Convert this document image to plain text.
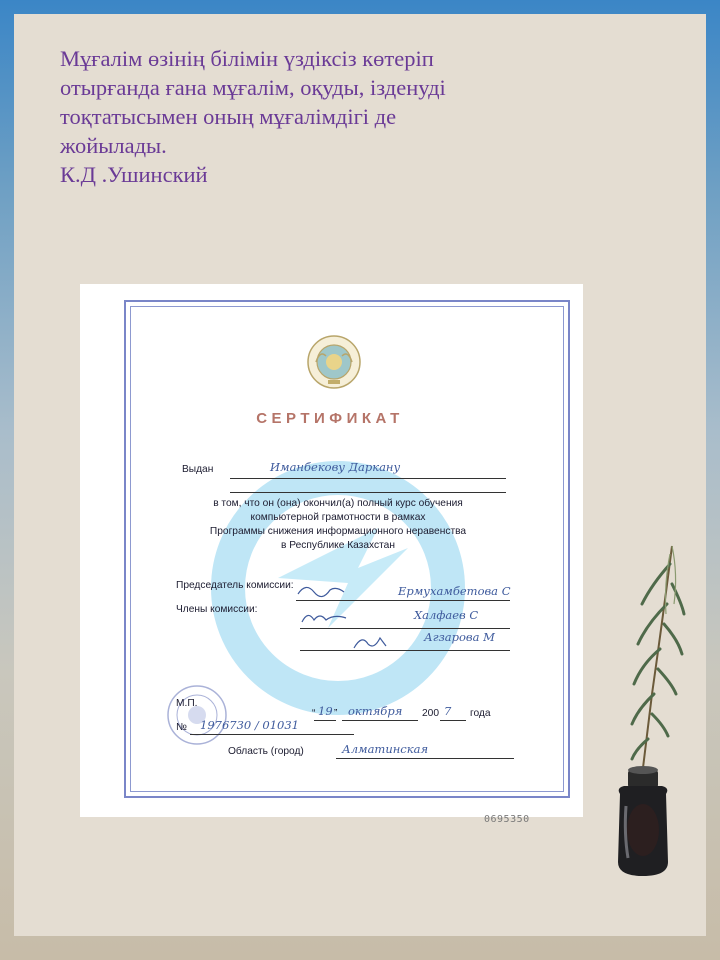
Мұғалім өзінің білімін үздіксіз көтеріп
отырғанда ғана мұғалім, оқуды, ізденуді
тоқтатысымен оның мұғалімдігі де
жойылады.
К.Д .Ушинский
СЕРТИФИКАТ
Выдан	Иманбекову Даркану
в том, что он (она) окончил(а) полный курс обучения
компьютерной грамотности в рамках
Программы снижения информационного неравенства
в Республике Казахстан
Председатель комиссии:	Ермухамбетова С
Члены комиссии:	Халфаев С
Агзарова М
М.П.
“ 19 ” октября 200 7 года
№ 1976730 / 01031
Область (город)	Алматинская
0695350
